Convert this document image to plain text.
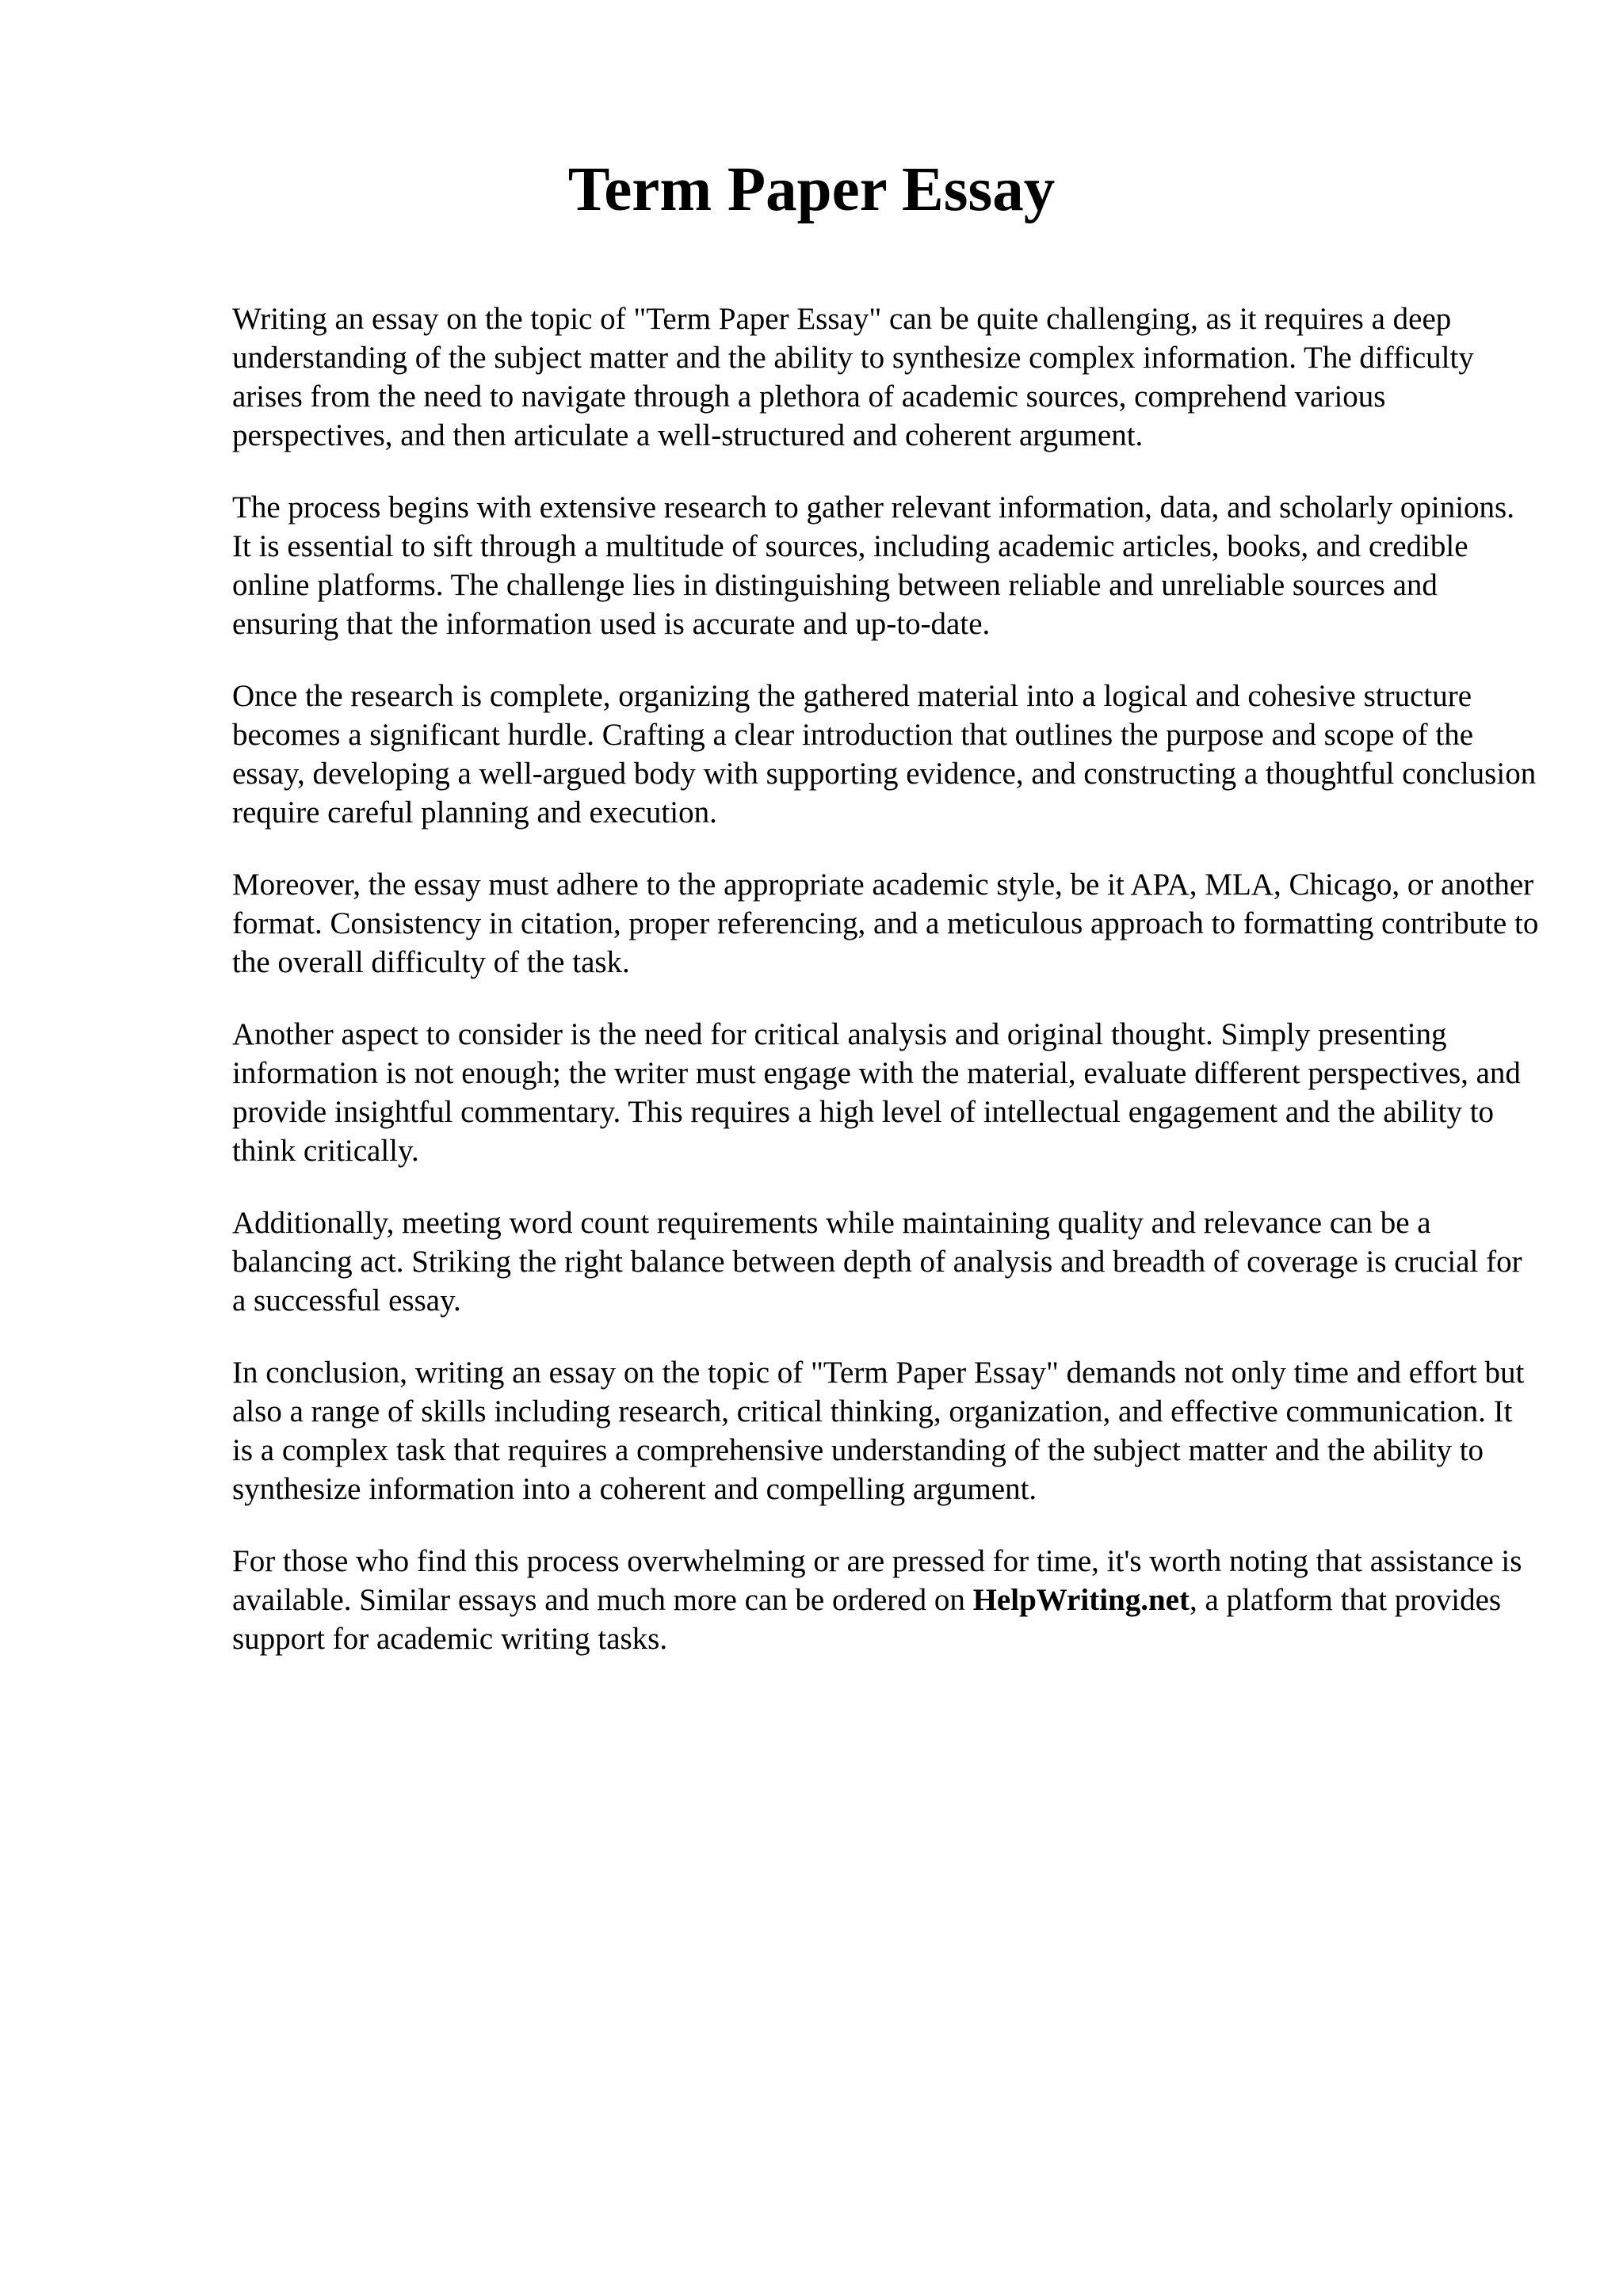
Term Paper Essay

Writing an essay on the topic of "Term Paper Essay" can be quite challenging, as it requires a deep understanding of the subject matter and the ability to synthesize complex information. The difficulty arises from the need to navigate through a plethora of academic sources, comprehend various perspectives, and then articulate a well-structured and coherent argument.

The process begins with extensive research to gather relevant information, data, and scholarly opinions. It is essential to sift through a multitude of sources, including academic articles, books, and credible online platforms. The challenge lies in distinguishing between reliable and unreliable sources and ensuring that the information used is accurate and up-to-date.

Once the research is complete, organizing the gathered material into a logical and cohesive structure becomes a significant hurdle. Crafting a clear introduction that outlines the purpose and scope of the essay, developing a well-argued body with supporting evidence, and constructing a thoughtful conclusion require careful planning and execution.

Moreover, the essay must adhere to the appropriate academic style, be it APA, MLA, Chicago, or another format. Consistency in citation, proper referencing, and a meticulous approach to formatting contribute to the overall difficulty of the task.

Another aspect to consider is the need for critical analysis and original thought. Simply presenting information is not enough; the writer must engage with the material, evaluate different perspectives, and provide insightful commentary. This requires a high level of intellectual engagement and the ability to think critically.

Additionally, meeting word count requirements while maintaining quality and relevance can be a balancing act. Striking the right balance between depth of analysis and breadth of coverage is crucial for a successful essay.

In conclusion, writing an essay on the topic of "Term Paper Essay" demands not only time and effort but also a range of skills including research, critical thinking, organization, and effective communication. It is a complex task that requires a comprehensive understanding of the subject matter and the ability to synthesize information into a coherent and compelling argument.

For those who find this process overwhelming or are pressed for time, it's worth noting that assistance is available. Similar essays and much more can be ordered on HelpWriting.net, a platform that provides support for academic writing tasks.
